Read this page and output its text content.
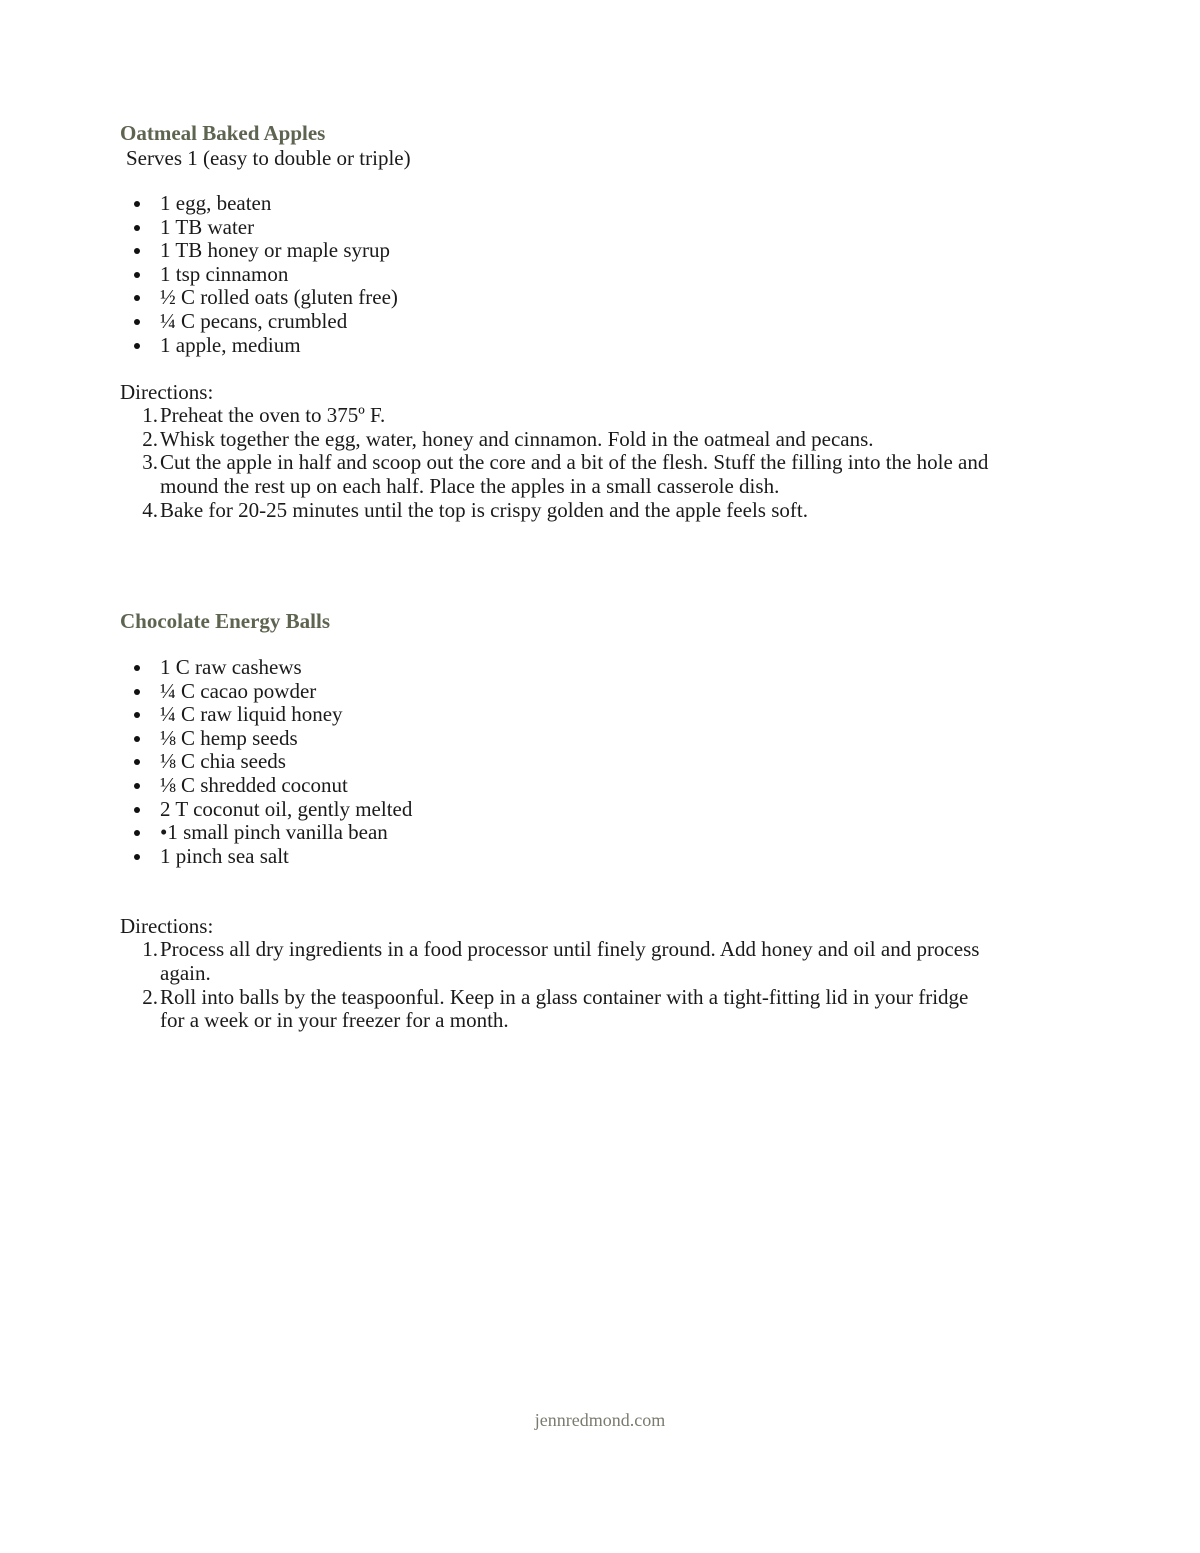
Oatmeal Baked Apples

Serves 1 (easy to double or triple)

1 egg, beaten
1 TB water
1 TB honey or maple syrup
1 tsp cinnamon
½ C rolled oats (gluten free)
¼ C pecans, crumbled
1 apple, medium

Directions:

1. Preheat the oven to 375º F.
2. Whisk together the egg, water, honey and cinnamon. Fold in the oatmeal and pecans.
3. Cut the apple in half and scoop out the core and a bit of the flesh. Stuff the filling into the hole and mound the rest up on each half. Place the apples in a small casserole dish.
4. Bake for 20-25 minutes until the top is crispy golden and the apple feels soft.
Chocolate Energy Balls
1 C raw cashews
¼ C cacao powder
¼ C raw liquid honey
⅛ C hemp seeds
⅛ C chia seeds
⅛ C shredded coconut
2 T coconut oil, gently melted
•1 small pinch vanilla bean
1 pinch sea salt

Directions:

1. Process all dry ingredients in a food processor until finely ground. Add honey and oil and process again.
2. Roll into balls by the teaspoonful. Keep in a glass container with a tight-fitting lid in your fridge for a week or in your freezer for a month.
jennredmond.com
